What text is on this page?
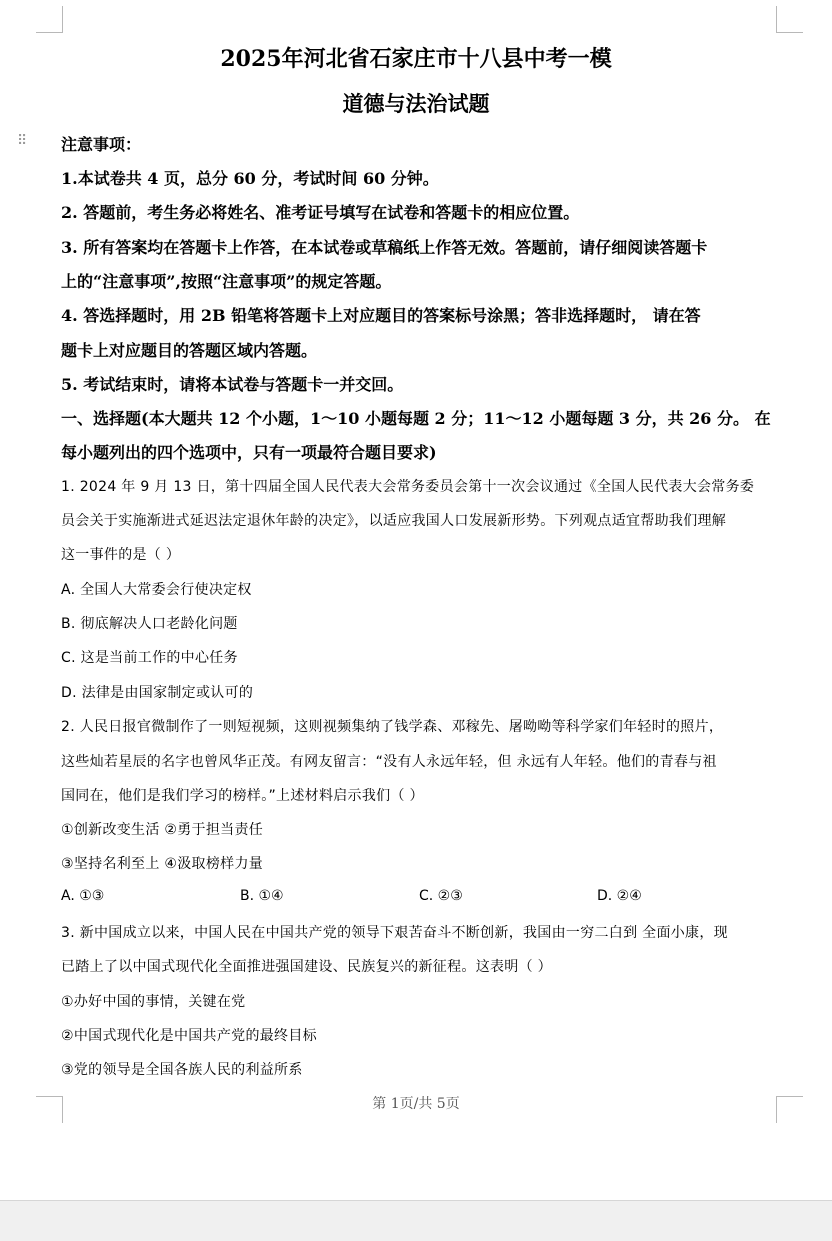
⠿
2025年河北省石家庄市十八县中考一模
道德与法治试题
注意事项：
1.本试卷共 4 页，总分 60 分，考试时间 60 分钟。
2. 答题前，考生务必将姓名、准考证号填写在试卷和答题卡的相应位置。
3. 所有答案均在答题卡上作答，在本试卷或草稿纸上作答无效。答题前，请仔细阅读答题卡
上的“注意事项”,按照“注意事项”的规定答题。
4. 答选择题时，用 2B 铅笔将答题卡上对应题目的答案标号涂黑；答非选择题时， 请在答
题卡上对应题目的答题区域内答题。
5. 考试结束时，请将本试卷与答题卡一并交回。
一、选择题(本大题共 12 个小题，1～10 小题每题 2 分；11～12 小题每题 3 分，共 26 分。 在
每小题列出的四个选项中，只有一项最符合题目要求)
1. 2024 年 9 月 13 日，第十四届全国人民代表大会常务委员会第十一次会议通过《全国人民代表大会常务委
员会关于实施渐进式延迟法定退休年龄的决定》，以适应我国人口发展新形势。下列观点适宜帮助我们理解
这一事件的是（ ）
A. 全国人大常委会行使决定权
B. 彻底解决人口老龄化问题
C. 这是当前工作的中心任务
D. 法律是由国家制定或认可的
2. 人民日报官微制作了一则短视频，这则视频集纳了钱学森、邓稼先、屠呦呦等科学家们年轻时的照片，
这些灿若星辰的名字也曾风华正茂。有网友留言：“没有人永远年轻，但 永远有人年轻。他们的青春与祖
国同在，他们是我们学习的榜样。”上述材料启示我们（ ）
①创新改变生活 ②勇于担当责任
③坚持名利至上 ④汲取榜样力量
A. ①③	B. ①④	C. ②③	D. ②④
3. 新中国成立以来，中国人民在中国共产党的领导下艰苦奋斗不断创新，我国由一穷二白到 全面小康，现
已踏上了以中国式现代化全面推进强国建设、民族复兴的新征程。这表明（ ）
①办好中国的事情，关键在党
②中国式现代化是中国共产党的最终目标
③党的领导是全国各族人民的利益所系
第 1页/共 5页
